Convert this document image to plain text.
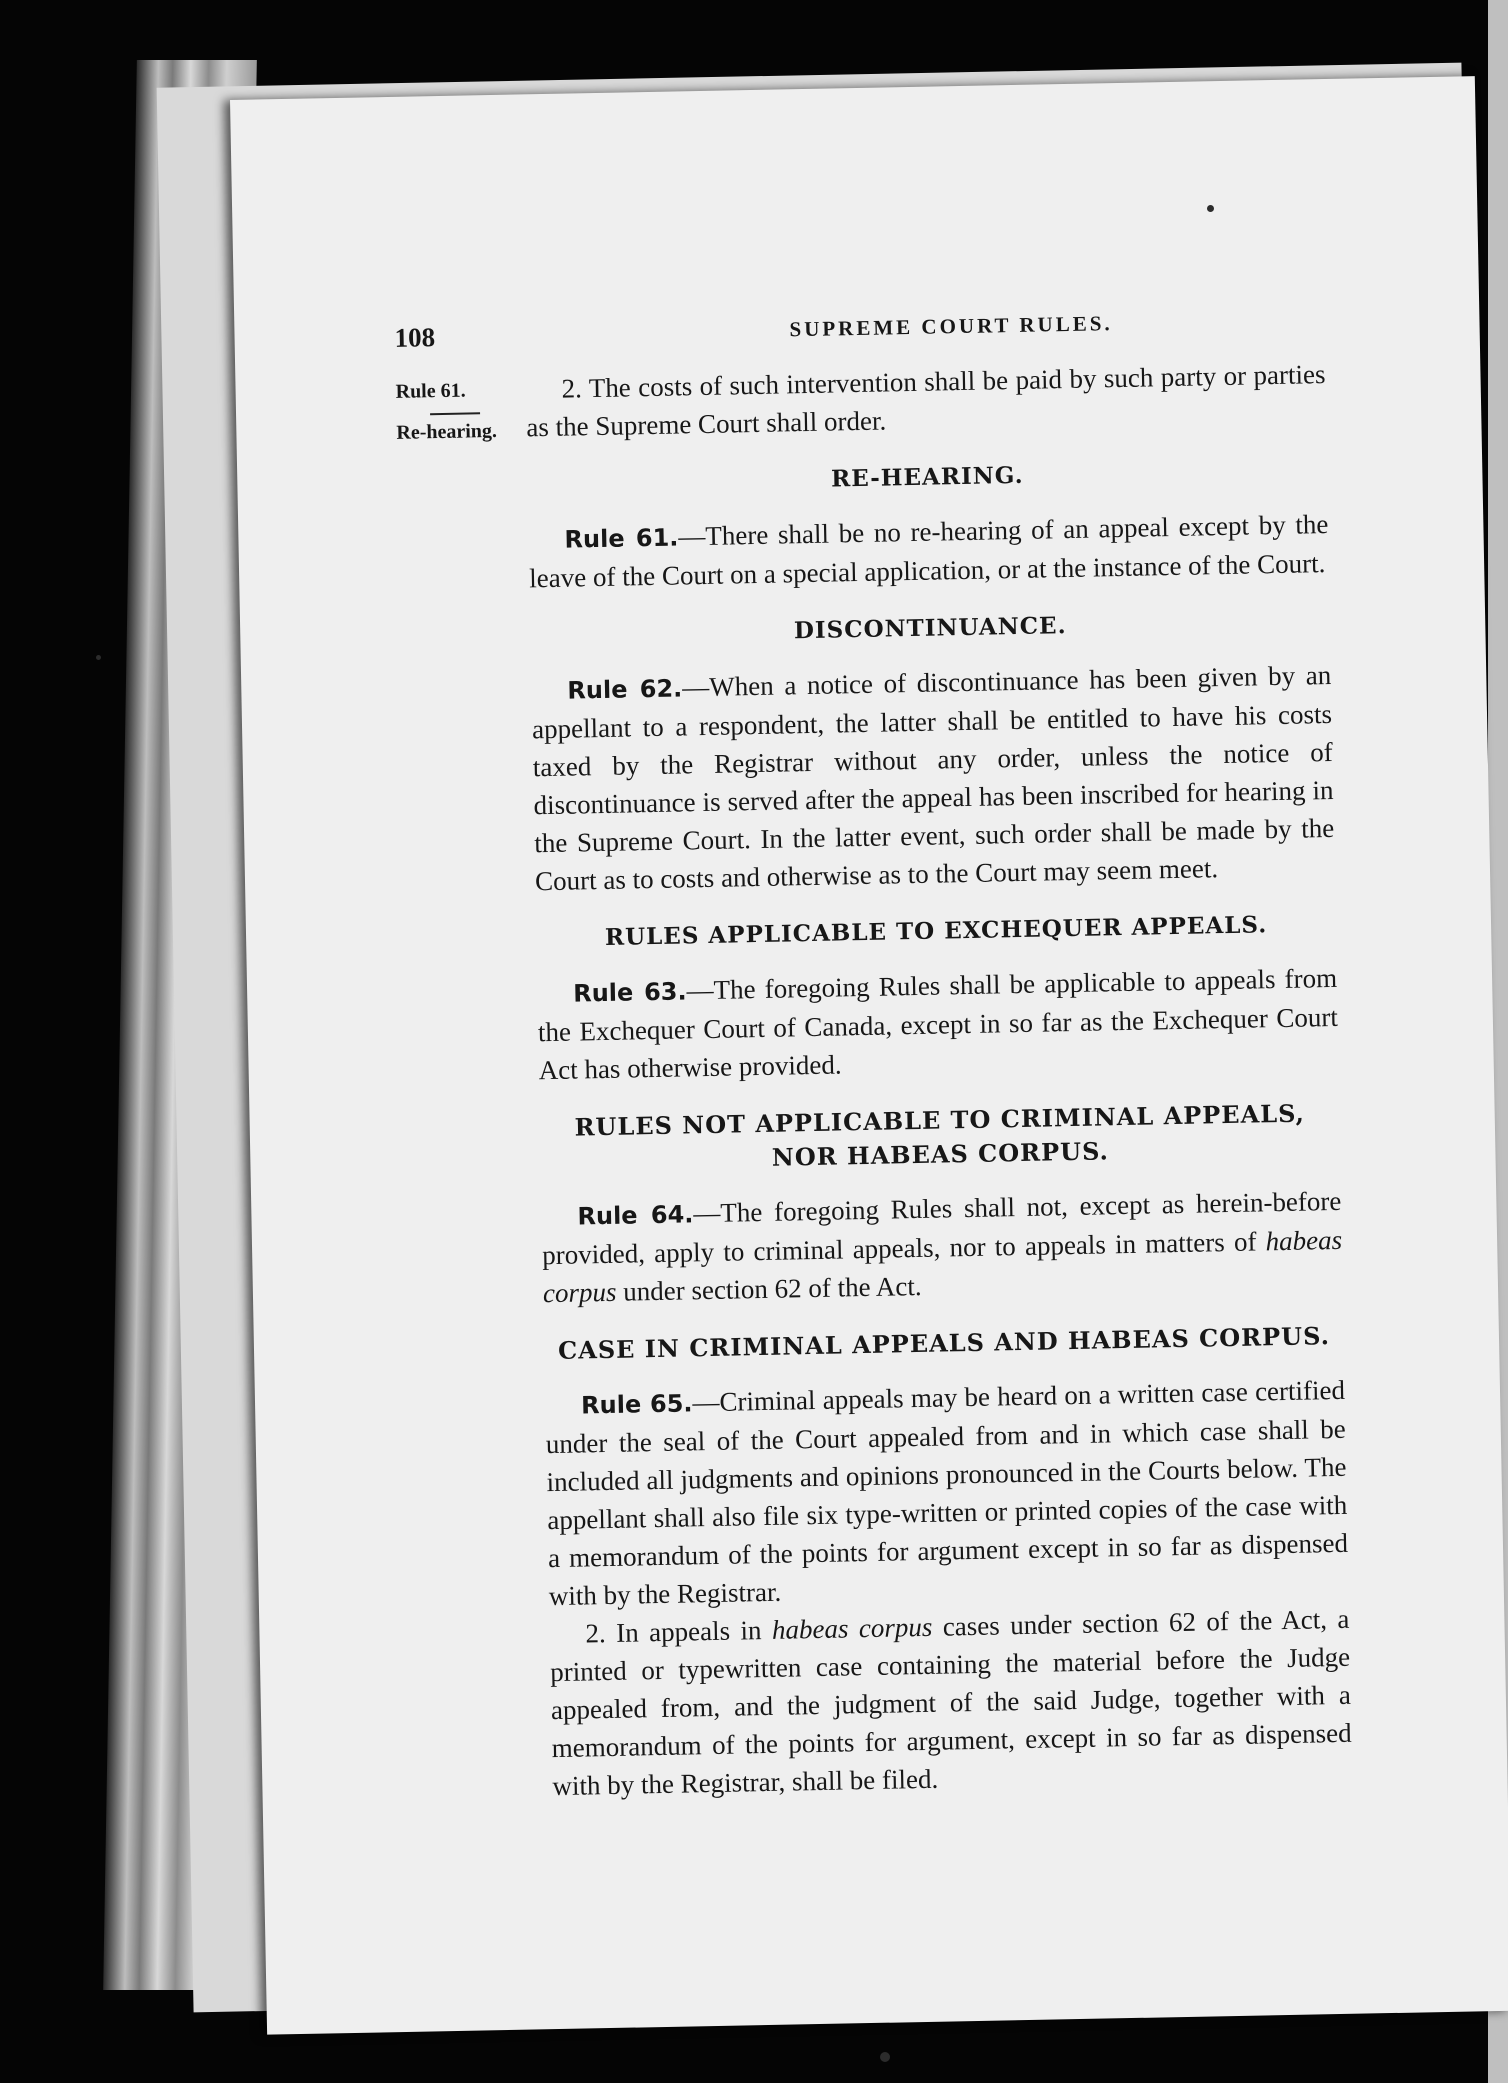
108	SUPREME COURT RULES.

Rule 61.

Re-hearing.

2. The costs of such intervention shall be paid by such party or parties as the Supreme Court shall order.

RE-HEARING.

Rule 61.—There shall be no re-hearing of an appeal except by the leave of the Court on a special application, or at the instance of the Court.

DISCONTINUANCE.

Rule 62.—When a notice of discontinuance has been given by an appellant to a respondent, the latter shall be entitled to have his costs taxed by the Registrar without any order, unless the notice of discontinuance is served after the appeal has been inscribed for hearing in the Supreme Court. In the latter event, such order shall be made by the Court as to costs and otherwise as to the Court may seem meet.

RULES APPLICABLE TO EXCHEQUER APPEALS.

Rule 63.—The foregoing Rules shall be applicable to appeals from the Exchequer Court of Canada, except in so far as the Exchequer Court Act has otherwise provided.

RULES NOT APPLICABLE TO CRIMINAL APPEALS, NOR HABEAS CORPUS.

Rule 64.—The foregoing Rules shall not, except as herein-before provided, apply to criminal appeals, nor to appeals in matters of habeas corpus under section 62 of the Act.

CASE IN CRIMINAL APPEALS AND HABEAS CORPUS.

Rule 65.—Criminal appeals may be heard on a written case certified under the seal of the Court appealed from and in which case shall be included all judgments and opinions pronounced in the Courts below. The appellant shall also file six type-written or printed copies of the case with a memorandum of the points for argument except in so far as dispensed with by the Registrar.

2. In appeals in habeas corpus cases under section 62 of the Act, a printed or typewritten case containing the material before the Judge appealed from, and the judgment of the said Judge, together with a memorandum of the points for argument, except in so far as dispensed with by the Registrar, shall be filed.
